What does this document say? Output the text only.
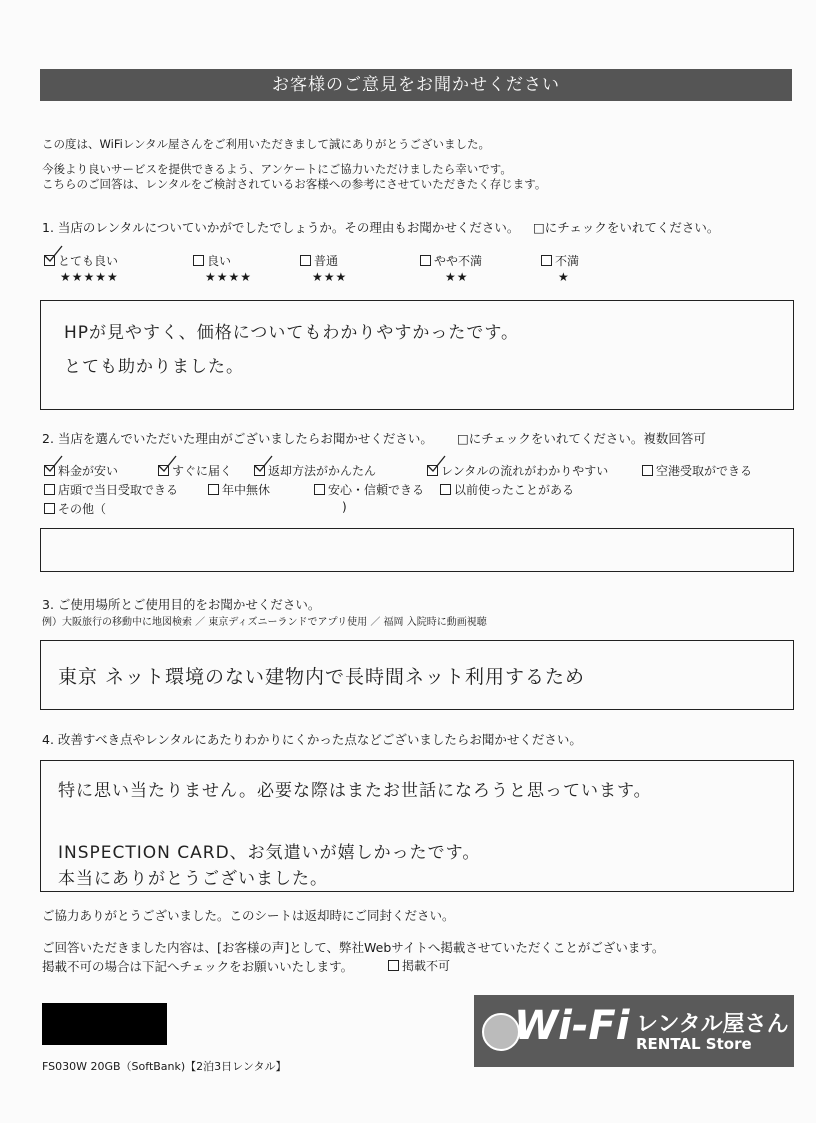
お客様のご意見をお聞かせください
この度は、WiFiレンタル屋さんをご利用いただきまして誠にありがとうございました。
今後より良いサービスを提供できるよう、アンケートにご協力いただけましたら幸いです。
こちらのご回答は、レンタルをご検討されているお客様への参考にさせていただきたく存じます。
1. 当店のレンタルについていかがでしたでしょうか。その理由もお聞かせください。 □にチェックをいれてください。
とても良い
★★★★★
良い
★★★★
普通
★★★
やや不満
★★
不満
★
HPが見やすく、価格についてもわかりやすかったです。
とても助かりました。
2. 当店を選んでいただいた理由がございましたらお聞かせください。 □にチェックをいれてください。複数回答可
料金が安い	すぐに届く	返却方法がかんたん	レンタルの流れがわかりやすい	空港受取ができる
店頭で当日受取できる	年中無休	安心・信頼できる	以前使ったことがある
その他（	)
3. ご使用場所とご使用目的をお聞かせください。
例）大阪旅行の移動中に地図検索 ／ 東京ディズニーランドでアプリ使用 ／ 福岡 入院時に動画視聴
東京 ネット環境のない建物内で長時間ネット利用するため
4. 改善すべき点やレンタルにあたりわかりにくかった点などございましたらお聞かせください。
特に思い当たりません。必要な際はまたお世話になろうと思っています。
INSPECTION CARD、お気遣いが嬉しかったです。
本当にありがとうございました。
ご協力ありがとうございました。このシートは返却時にご同封ください。
ご回答いただきました内容は、[お客様の声]として、弊社Webサイトへ掲載させていただくことがございます。
掲載不可の場合は下記へチェックをお願いいたします。	掲載不可
FS030W 20GB（SoftBank)【2泊3日レンタル】
Wi-Fi レンタル屋さん
RENTAL Store
